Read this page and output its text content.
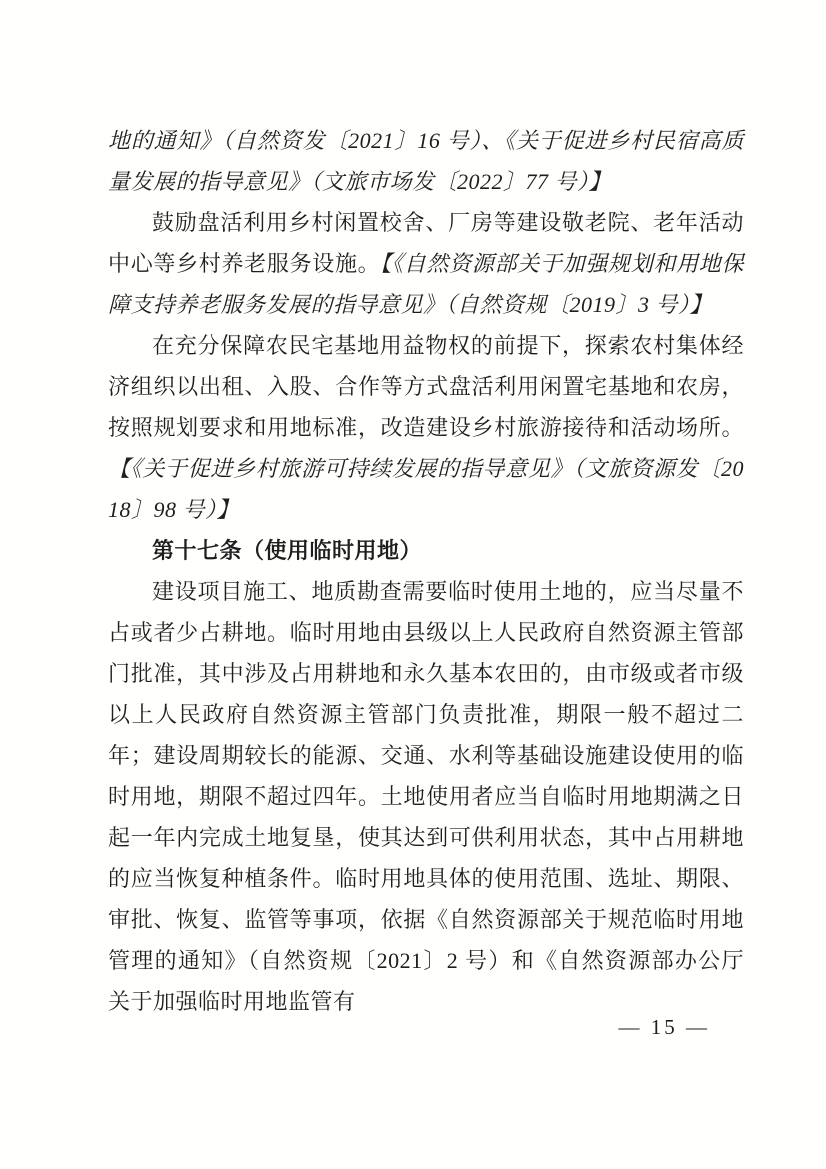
地的通知》（自然资发〔2021〕16 号）、《关于促进乡村民宿高质量发展的指导意见》（文旅市场发〔2022〕77 号）】

鼓励盘活利用乡村闲置校舍、厂房等建设敬老院、老年活动中心等乡村养老服务设施。【《自然资源部关于加强规划和用地保障支持养老服务发展的指导意见》（自然资规〔2019〕3 号）】

在充分保障农民宅基地用益物权的前提下，探索农村集体经济组织以出租、入股、合作等方式盘活利用闲置宅基地和农房，按照规划要求和用地标准，改造建设乡村旅游接待和活动场所。【《关于促进乡村旅游可持续发展的指导意见》（文旅资源发〔2018〕98 号）】

第十七条（使用临时用地）

建设项目施工、地质勘查需要临时使用土地的，应当尽量不占或者少占耕地。临时用地由县级以上人民政府自然资源主管部门批准，其中涉及占用耕地和永久基本农田的，由市级或者市级以上人民政府自然资源主管部门负责批准，期限一般不超过二年；建设周期较长的能源、交通、水利等基础设施建设使用的临时用地，期限不超过四年。土地使用者应当自临时用地期满之日起一年内完成土地复垦，使其达到可供利用状态，其中占用耕地的应当恢复种植条件。临时用地具体的使用范围、选址、期限、审批、恢复、监管等事项，依据《自然资源部关于规范临时用地管理的通知》（自然资规〔2021〕2 号）和《自然资源部办公厅关于加强临时用地监管有

— 15 —
